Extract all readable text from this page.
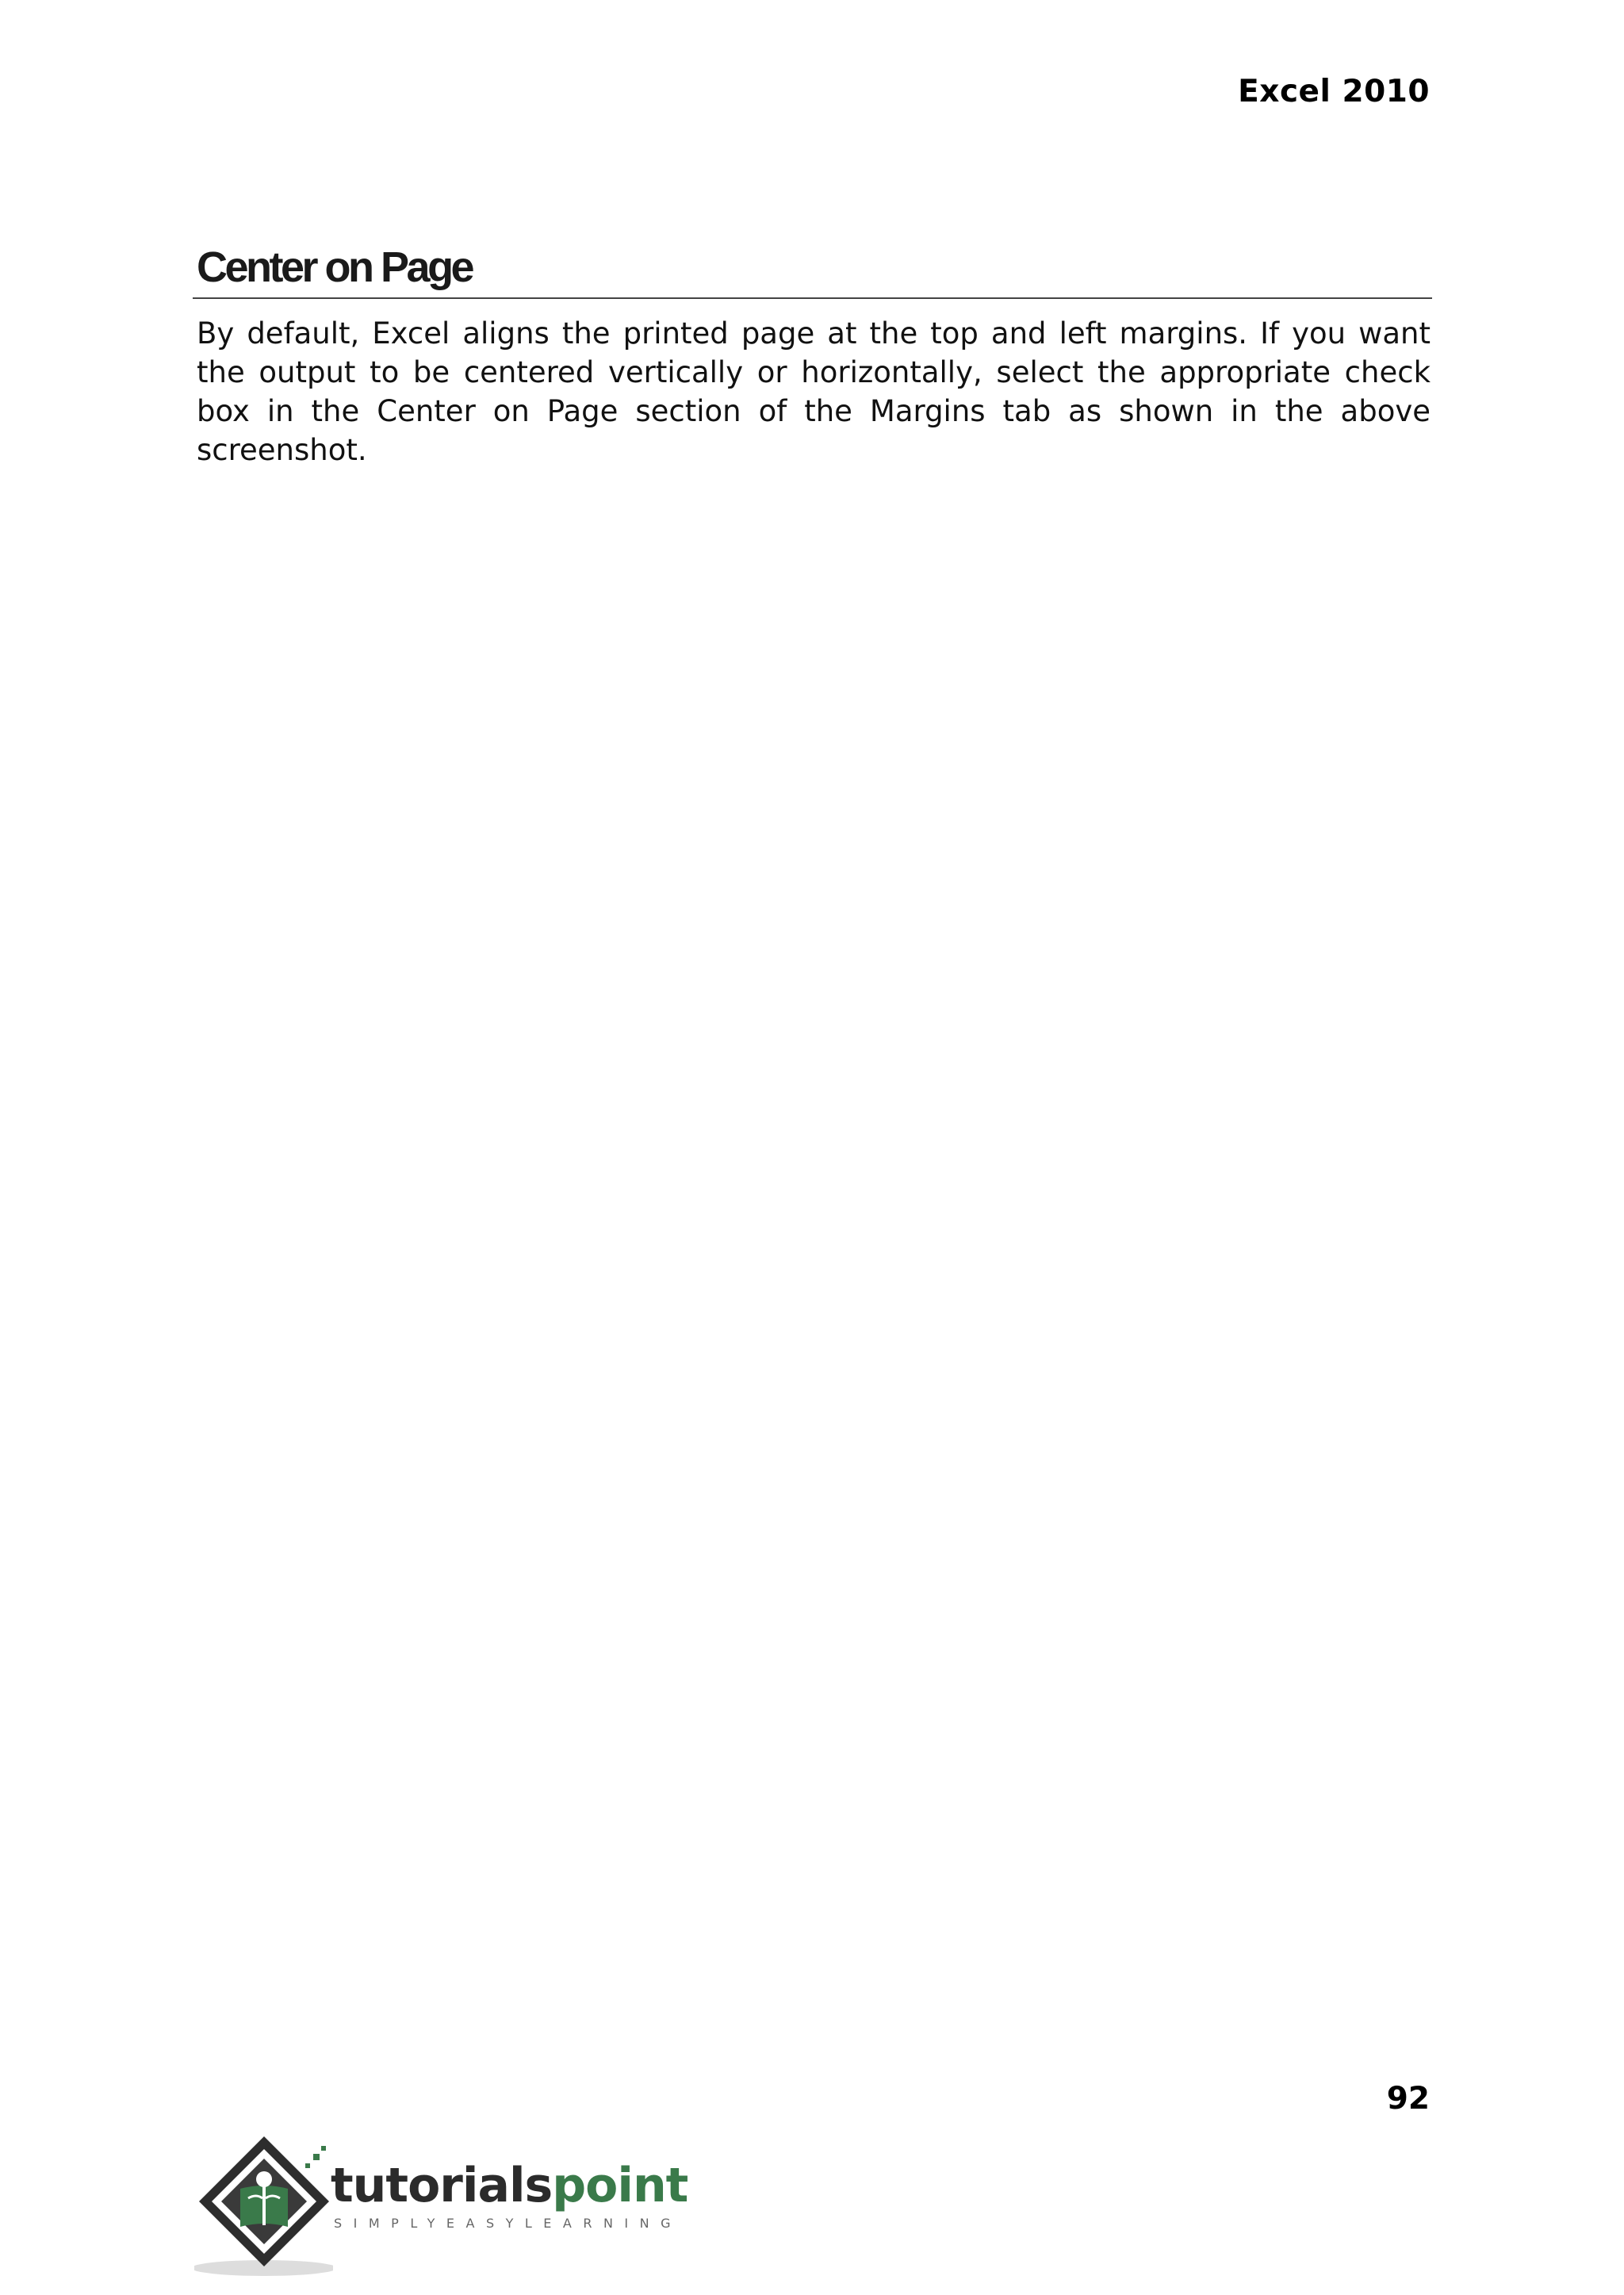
Excel 2010
Center on Page

By default, Excel aligns the printed page at the top and left margins. If you want the output to be centered vertically or horizontally, select the appropriate check box in the Center on Page section of the Margins tab as shown in the above screenshot.

92
tutorialspoint
SIMPLYEASYLEARNING
